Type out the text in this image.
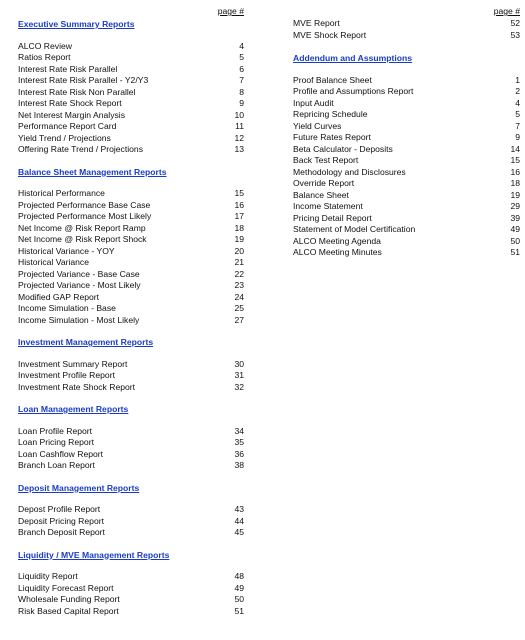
page #
Executive Summary Reports
ALCO Review	4
Ratios Report	5
Interest Rate Risk Parallel	6
Interest Rate Risk Parallel - Y2/Y3	7
Interest Rate Risk Non Parallel	8
Interest Rate Shock Report	9
Net Interest Margin Analysis	10
Performance Report Card	11
Yield Trend / Projections	12
Offering Rate Trend / Projections	13
Balance Sheet Management Reports
Historical Performance	15
Projected Performance Base Case	16
Projected Performance Most Likely	17
Net Income @ Risk Report Ramp	18
Net Income @ Risk Report Shock	19
Historical Variance - YOY	20
Historical Variance	21
Projected Variance - Base Case	22
Projected Variance - Most Likely	23
Modified GAP Report	24
Income Simulation - Base	25
Income Simulation - Most Likely	27
Investment Management Reports
Investment Summary Report	30
Investment Profile Report	31
Investment Rate Shock Report	32
Loan Management Reports
Loan Profile Report	34
Loan Pricing Report	35
Loan Cashflow Report	36
Branch Loan Report	38
Deposit Management Reports
Depost Profile Report	43
Deposit Pricing Report	44
Branch Deposit Report	45
Liquidity / MVE Management Reports
Liquidity Report	48
Liquidity Forecast Report	49
Wholesale Funding Report	50
Risk Based Capital Report	51
page #
MVE Report	52
MVE Shock Report	53
Addendum and Assumptions
Proof Balance Sheet	1
Profile and Assumptions Report	2
Input Audit	4
Repricing Schedule	5
Yield Curves	7
Future Rates Report	9
Beta Calculator - Deposits	14
Back Test Report	15
Methodology and Disclosures	16
Override Report	18
Balance Sheet	19
Income Statement	29
Pricing Detail Report	39
Statement of Model Certification	49
ALCO Meeting Agenda	50
ALCO Meeting Minutes	51
